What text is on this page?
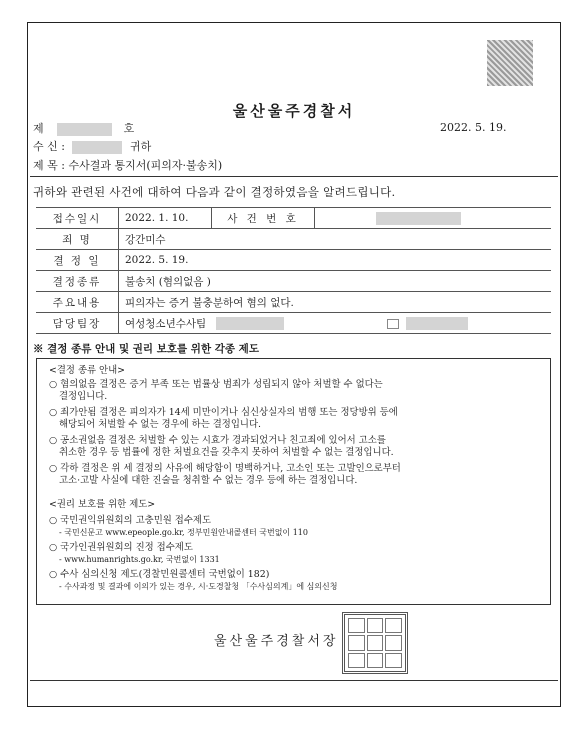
울산울주경찰서
제	호	2022. 5. 19.
수 신 :	귀하
제 목 : 수사결과 통지서(피의자·불송치)
귀하와 관련된 사건에 대하여 다음과 같이 결정하였음을 알려드립니다.
접수일시	2022. 1. 10.	사 건 번 호	
죄 명	강간미수		
결 정 일	2022. 5. 19.		
결정종류	불송치 (혐의없음 )		
주요내용	피의자는 증거 불충분하여 혐의 없다.		
담당팀장	여성청소년수사팀		
※ 결정 종류 안내 및 권리 보호를 위한 각종 제도
<결정 종류 안내>
○ 혐의없음 결정은 증거 부족 또는 법률상 범죄가 성립되지 않아 처벌할 수 없다는
결정입니다.
○ 죄가안됨 결정은 피의자가 14세 미만이거나 심신상실자의 범행 또는 정당방위 등에
해당되어 처벌할 수 없는 경우에 하는 결정입니다.
○ 공소권없음 결정은 처벌할 수 있는 시효가 경과되었거나 친고죄에 있어서 고소를
취소한 경우 등 법률에 정한 처벌요건을 갖추지 못하여 처벌할 수 없는 결정입니다.
○ 각하 결정은 위 세 결정의 사유에 해당함이 명백하거나, 고소인 또는 고발인으로부터
고소·고발 사실에 대한 진술을 청취할 수 없는 경우 등에 하는 결정입니다.
<권리 보호를 위한 제도>
○ 국민권익위원회의 고충민원 접수제도
- 국민신문고 www.epeople.go.kr, 정부민원안내콜센터 국번없이 110
○ 국가인권위원회의 진정 접수제도
- www.humanrights.go.kr, 국번없이 1331
○ 수사 심의신청 제도(경찰민원콜센터 국번없이 182)
- 수사과정 및 결과에 이의가 있는 경우, 시·도경찰청 「수사심의계」에 심의신청
울산울주경찰서장
